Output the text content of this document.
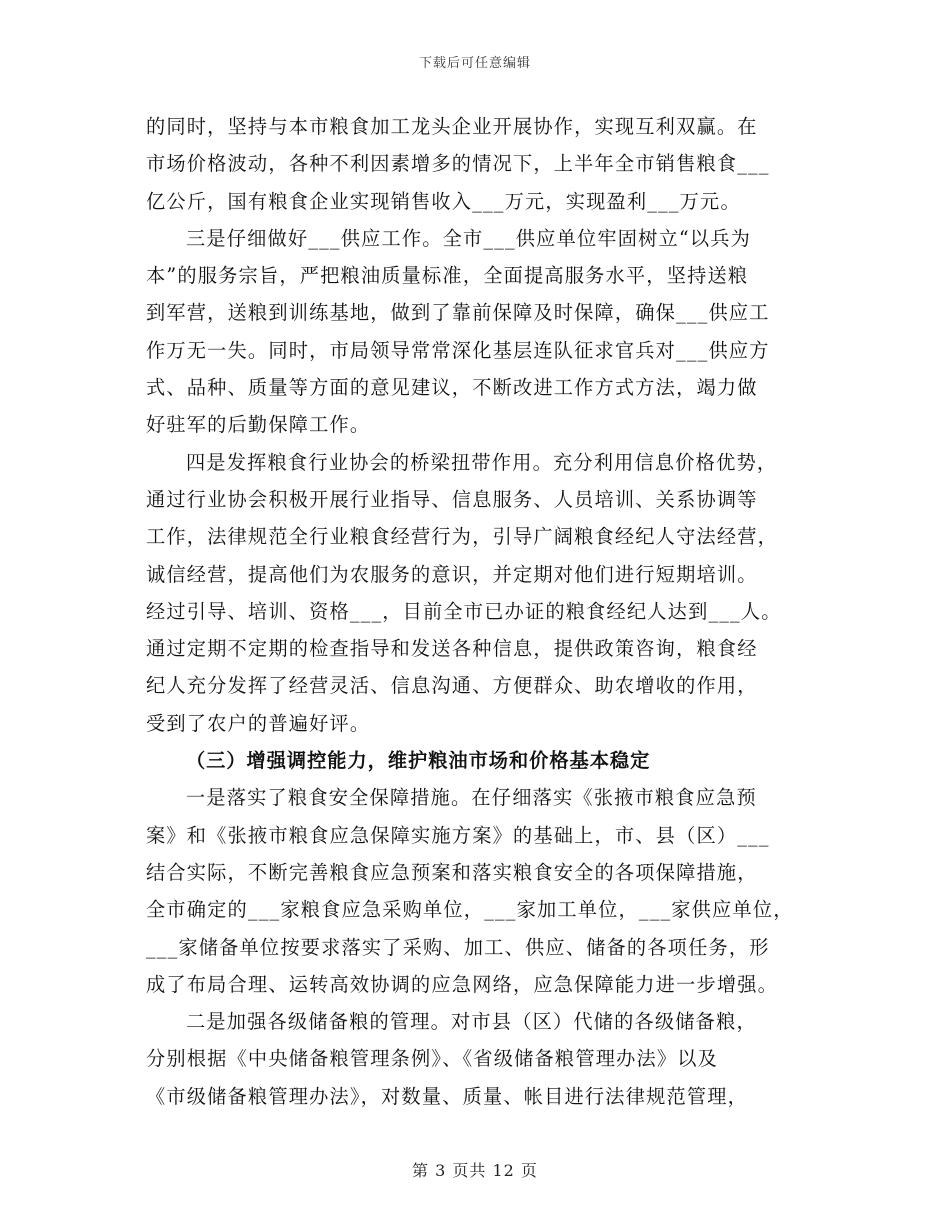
下载后可任意编辑
的同时，坚持与本市粮食加工龙头企业开展协作，实现互利双赢。在
市场价格波动，各种不利因素增多的情况下，上半年全市销售粮食___
亿公斤，国有粮食企业实现销售收入___万元，实现盈利___万元。
三是仔细做好___供应工作。全市___供应单位牢固树立“以兵为
本”的服务宗旨，严把粮油质量标准，全面提高服务水平，坚持送粮
到军营，送粮到训练基地，做到了靠前保障及时保障，确保___供应工
作万无一失。同时，市局领导常常深化基层连队征求官兵对___供应方
式、品种、质量等方面的意见建议，不断改进工作方式方法，竭力做
好驻军的后勤保障工作。
四是发挥粮食行业协会的桥梁扭带作用。充分利用信息价格优势，
通过行业协会积极开展行业指导、信息服务、人员培训、关系协调等
工作，法律规范全行业粮食经营行为，引导广阔粮食经纪人守法经营，
诚信经营，提高他们为农服务的意识，并定期对他们进行短期培训。
经过引导、培训、资格___，目前全市已办证的粮食经纪人达到___人。
通过定期不定期的检查指导和发送各种信息，提供政策咨询，粮食经
纪人充分发挥了经营灵活、信息沟通、方便群众、助农增收的作用，
受到了农户的普遍好评。
（三）增强调控能力，维护粮油市场和价格基本稳定
一是落实了粮食安全保障措施。在仔细落实《张掖市粮食应急预
案》和《张掖市粮食应急保障实施方案》的基础上，市、县（区）___
结合实际，不断完善粮食应急预案和落实粮食安全的各项保障措施，
全市确定的___家粮食应急采购单位，___家加工单位，___家供应单位，
___家储备单位按要求落实了采购、加工、供应、储备的各项任务，形
成了布局合理、运转高效协调的应急网络，应急保障能力进一步增强。
二是加强各级储备粮的管理。对市县（区）代储的各级储备粮，
分别根据《中央储备粮管理条例》、《省级储备粮管理办法》以及
《市级储备粮管理办法》，对数量、质量、帐目进行法律规范管理，
第 3 页共 12 页
